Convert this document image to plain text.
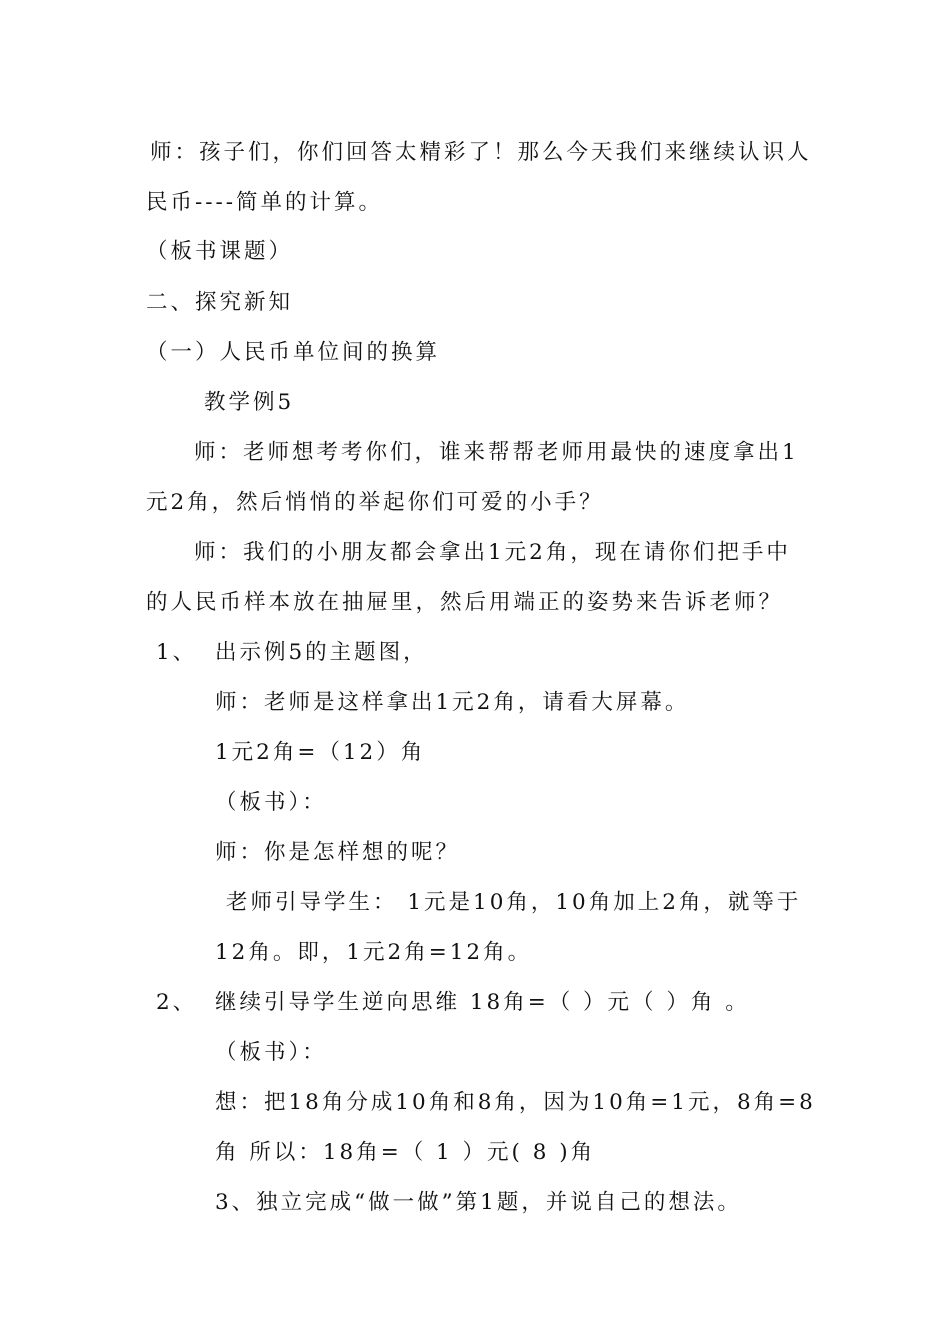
师：孩子们，你们回答太精彩了！那么今天我们来继续认识人
民币----简单的计算。
（板书课题）
二、探究新知
（一）人民币单位间的换算
教学例5
师：老师想考考你们，谁来帮帮老师用最快的速度拿出1
元2角，然后悄悄的举起你们可爱的小手？
师：我们的小朋友都会拿出1元2角，现在请你们把手中
的人民币样本放在抽屉里，然后用端正的姿势来告诉老师？
1、 出示例5的主题图，
师：老师是这样拿出1元2角，请看大屏幕。
1元2角=（12）角
（板书）：
师：你是怎样想的呢？
老师引导学生： 1元是10角，10角加上2角，就等于
12角。即，1元2角=12角。
2、 继续引导学生逆向思维 18角=（ ）元（ ）角 。
（板书）：
想：把18角分成10角和8角，因为10角=1元，8角=8
角 所以：18角=（ 1 ）元( 8 )角
3、独立完成“做一做”第1题，并说自己的想法。
